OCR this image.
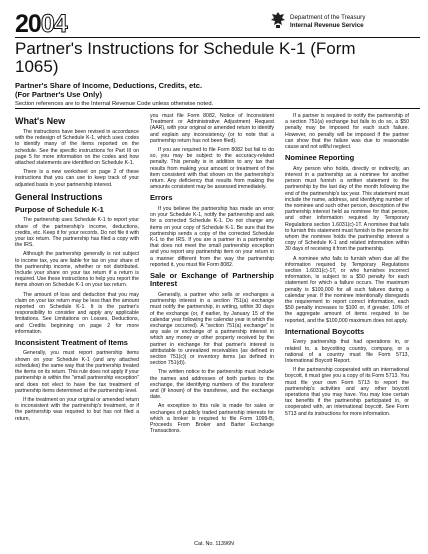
2004	Department of the Treasury
Internal Revenue Service
Partner's Instructions for Schedule K-1 (Form 1065)
Partner's Share of Income, Deductions, Credits, etc.
(For Partner's Use Only)
Section references are to the Internal Revenue Code unless otherwise noted.
What's New

The instructions have been revised in accordance with the redesign of Schedule K-1, which uses codes to identify many of the items reported on the schedule. See the specific instructions for Part III on page 5 for more information on the codes and how attached statements are identified on Schedule K-1.

There is a new worksheet on page 2 of these instructions that you can use to keep track of your adjusted basis in your partnership interest.

General Instructions
Purpose of Schedule K-1

The partnership uses Schedule K-1 to report your share of the partnership's income, deductions, credits, etc. Keep it for your records. Do not file it with your tax return. The partnership has filed a copy with the IRS.

Although the partnership generally is not subject to income tax, you are liable for tax on your share of the partnership income, whether or not distributed. Include your share on your tax return if a return is required. Use these instructions to help you report the items shown on Schedule K-1 on your tax return.

The amount of loss and deduction that you may claim on your tax return may be less than the amount reported on Schedule K-1. It is the partner's responsibility to consider and apply any applicable limitations. See Limitations on Losses, Deductions, and Credits beginning on page 2 for more information.

Inconsistent Treatment of Items

Generally, you must report partnership items shown on your Schedule K-1 (and any attached schedules) the same way that the partnership treated the items on its return. This rule does not apply if your partnership is within the "small partnership exception" and does not elect to have the tax treatment of partnership items determined at the partnership level.

If the treatment on your original or amended return is inconsistent with the partnership's treatment, or if the partnership was required to but has not filed a return,

you must file Form 8082, Notice of Inconsistent Treatment or Administrative Adjustment Request (AAR), with your original or amended return to identify and explain any inconsistency (or to note that a partnership return has not been filed).

If you are required to file Form 8082 but fail to do so, you may be subject to the accuracy-related penalty. This penalty is in addition to any tax that results from making your amount or treatment of the item consistent with that shown on the partnership's return. Any deficiency that results from making the amounts consistent may be assessed immediately.

Errors

If you believe the partnership has made an error on your Schedule K-1, notify the partnership and ask for a corrected Schedule K-1. Do not change any items on your copy of Schedule K-1. Be sure that the partnership sends a copy of the corrected Schedule K-1 to the IRS. If you are a partner in a partnership that does not meet the small partnership exception and you report any partnership item on your return in a manner different from the way the partnership reported it, you must file Form 8082.

Sale or Exchange of Partnership Interest

Generally, a partner who sells or exchanges a partnership interest in a section 751(a) exchange must notify the partnership, in writing, within 30 days of the exchange (or, if earlier, by January 15 of the calendar year following the calendar year in which the exchange occurred). A "section 751(a) exchange" is any sale or exchange of a partnership interest in which any money or other property received by the partner in exchange for that partner's interest is attributable to unrealized receivables (as defined in section 751(c)) or inventory items (as defined in section 751(d)).

The written notice to the partnership must include the names and addresses of both parties to the exchange, the identifying numbers of the transferor and (if known) of the transferee, and the exchange date.

An exception to this rule is made for sales or exchanges of publicly traded partnership interests for which a broker is required to file Form 1099-B, Proceeds From Broker and Barter Exchange Transactions.

If a partner is required to notify the partnership of a section 751(a) exchange but fails to do so, a $50 penalty may be imposed for each such failure. However, no penalty will be imposed if the partner can show that the failure was due to reasonable cause and not willful neglect.

Nominee Reporting

Any person who holds, directly or indirectly, an interest in a partnership as a nominee for another person must furnish a written statement to the partnership by the last day of the month following the end of the partnership's tax year. This statement must include the name, address, and identifying number of the nominee and such other person, description of the partnership interest held as nominee for that person, and other information required by Temporary Regulations section 1.6031(c)-1T. A nominee that fails to furnish this statement must furnish to the person for whom the nominee holds the partnership interest a copy of Schedule K-1 and related information within 30 days of receiving it from the partnership.

A nominee who fails to furnish when due all the information required by Temporary Regulations section 1.6031(c)-1T, or who furnishes incorrect information, is subject to a $50 penalty for each statement for which a failure occurs. The maximum penalty is $100,000 for all such failures during a calendar year. If the nominee intentionally disregards the requirement to report correct information, each $50 penalty increases to $100 or, if greater, 10% of the aggregate amount of items required to be reported, and the $100,000 maximum does not apply.

International Boycotts

Every partnership that had operations in, or related to, a boycotting country, company, or a national of a country must file Form 5713, International Boycott Report.

If the partnership cooperated with an international boycott, it must give you a copy of its Form 5713. You must file your own Form 5713 to report the partnership's activities and any other boycott operations that you may have. You may lose certain tax benefits if the partnership participated in, or cooperated with, an international boycott. See Form 5713 and its instructions for more information.

Cat. No. 11396N
